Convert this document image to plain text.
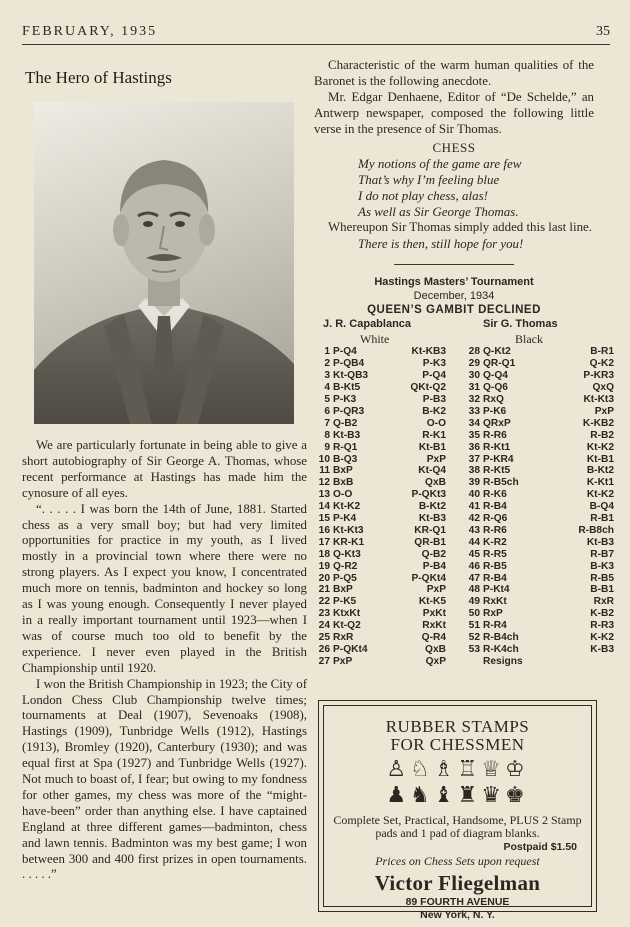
FEBRUARY, 1935	35
The Hero of Hastings

We are particularly fortunate in being able to give a short autobiography of Sir George A. Thomas, whose recent performance at Hastings has made him the cynosure of all eyes.

“. . . . . I was born the 14th of June, 1881. Started chess as a very small boy; but had very limited opportunities for practice in my youth, as I lived mostly in a provincial town where there were no strong players. As I expect you know, I concentrated much more on tennis, badminton and hockey so long as I was young enough. Consequently I never played in a really important tournament until 1923—when I was of course much too old to benefit by the experience. I never even played in the British Championship until 1920.

I won the British Championship in 1923; the City of London Chess Club Championship twelve times; tournaments at Deal (1907), Sevenoaks (1908), Hastings (1909), Tunbridge Wells (1912), Hastings (1913), Bromley (1920), Canterbury (1930); and was equal first at Spa (1927) and Tunbridge Wells (1927). Not much to boast of, I fear; but owing to my fondness for other games, my chess was more of the “might-have-been” order than anything else. I have captained England at three different games—badminton, chess and lawn tennis. Badminton was my best game; I won between 300 and 400 first prizes in open tournaments. . . . . .”

Characteristic of the warm human qualities of the Baronet is the following anecdote.

Mr. Edgar Denhaene, Editor of “De Schelde,” an Antwerp newspaper, composed the following little verse in the presence of Sir Thomas.

CHESS
My notions of the game are few
That’s why I’m feeling blue
I do not play chess, alas!
As well as Sir George Thomas.

Whereupon Sir Thomas simply added this last line.

There is then, still hope for you!
Hastings Masters’ Tournament
December, 1934
QUEEN’S GAMBIT DECLINED
J. R. Capablanca	Sir G. Thomas
White	Black
1 P-Q4	Kt-KB3
2 P-QB4	P-K3
3 Kt-QB3	P-Q4
4 B-Kt5	QKt-Q2
5 P-K3	P-B3
6 P-QR3	B-K2
7 Q-B2	O-O
8 Kt-B3	R-K1
9 R-Q1	Kt-B1
10 B-Q3	PxP
11 BxP	Kt-Q4
12 BxB	QxB
13 O-O	P-QKt3
14 Kt-K2	B-Kt2
15 P-K4	Kt-B3
16 Kt-Kt3	KR-Q1
17 KR-K1	QR-B1
18 Q-Kt3	Q-B2
19 Q-R2	P-B4
20 P-Q5	P-QKt4
21 BxP	PxP
22 P-K5	Kt-K5
23 KtxKt	PxKt
24 Kt-Q2	RxKt
25 RxR	Q-R4
26 P-QKt4	QxB
27 PxP	QxP
28 Q-Kt2	B-R1
29 QR-Q1	Q-K2
30 Q-Q4	P-KR3
31 Q-Q6	QxQ
32 RxQ	Kt-Kt3
33 P-K6	PxP
34 QRxP	K-KB2
35 R-R6	R-B2
36 R-Kt1	Kt-K2
37 P-KR4	Kt-B1
38 R-Kt5	B-Kt2
39 R-B5ch	K-Kt1
40 R-K6	Kt-K2
41 R-B4	B-Q4
42 R-Q6	R-B1
43 R-R6	R-B8ch
44 K-R2	Kt-B3
45 R-R5	R-B7
46 R-B5	B-K3
47 R-B4	R-B5
48 P-Kt4	B-B1
49 RxKt	RxR
50 RxP	K-B2
51 R-R4	R-R3
52 R-B4ch	K-K2
53 R-K4ch	K-B3
Resigns
RUBBER STAMPS
FOR CHESSMEN
♙♘♗♖♕♔
♟♞♝♜♛♚
Complete Set, Practical, Handsome, PLUS 2 Stamp pads and 1 pad of diagram blanks.
Postpaid $1.50
Prices on Chess Sets upon request
Victor Fliegelman
89 FOURTH AVENUE
New York, N. Y.
